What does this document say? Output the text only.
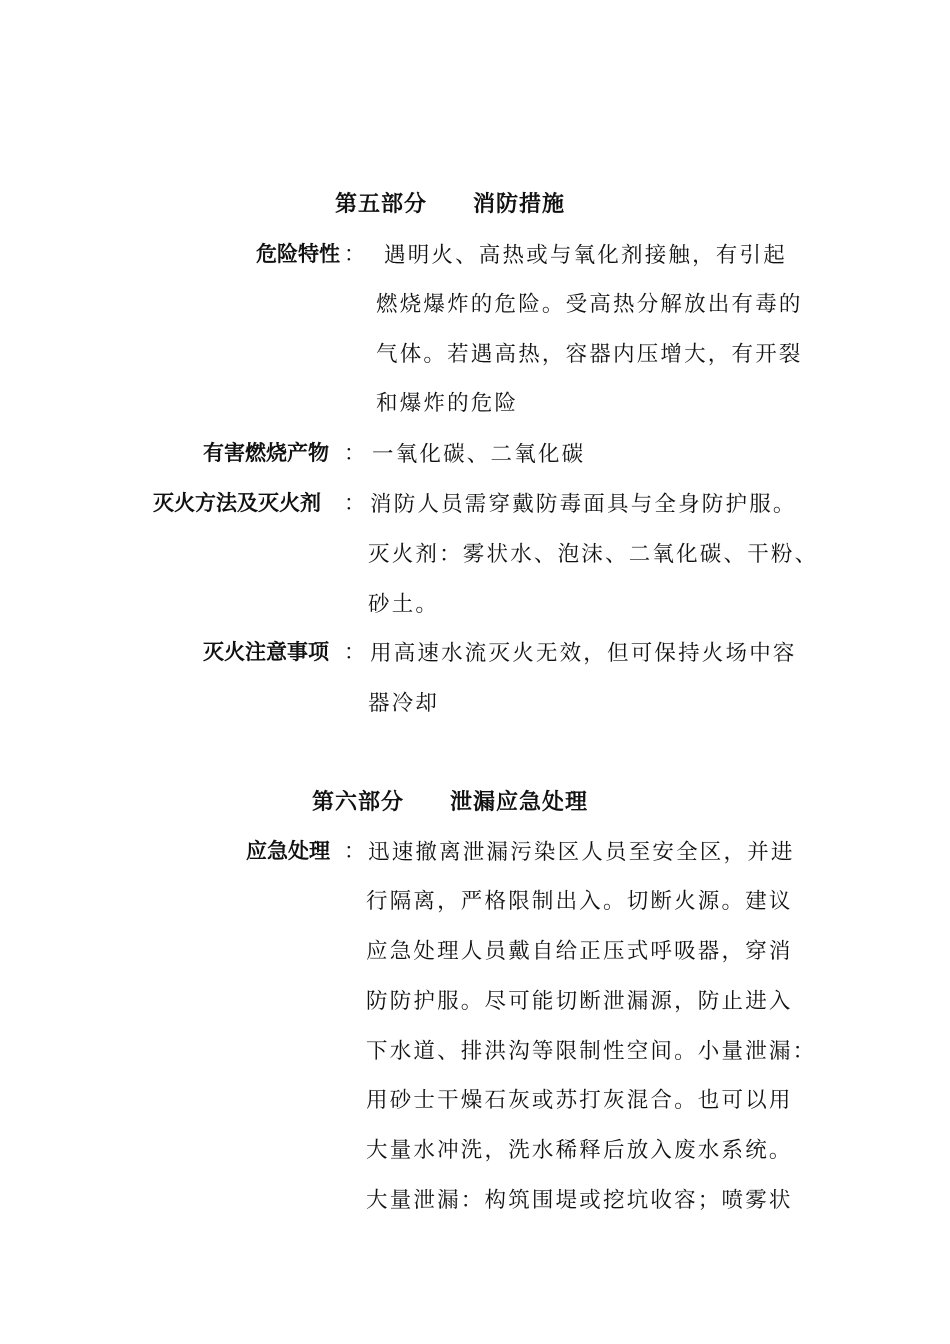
第五部分 消防措施
危险特性 ： 遇明火、高热或与氧化剂接触，有引起
燃烧爆炸的危险。受高热分解放出有毒的
气体。若遇高热，容器内压增大，有开裂
和爆炸的危险
有害燃烧产物 ： 一氧化碳、二氧化碳
灭火方法及灭火剂 ： 消防人员需穿戴防毒面具与全身防护服。
灭火剂：雾状水、泡沫、二氧化碳、干粉、
砂土。
灭火注意事项 ： 用高速水流灭火无效，但可保持火场中容
器冷却
第六部分 泄漏应急处理
应急处理 ： 迅速撤离泄漏污染区人员至安全区，并进
行隔离，严格限制出入。切断火源。建议
应急处理人员戴自给正压式呼吸器，穿消
防防护服。尽可能切断泄漏源，防止进入
下水道、排洪沟等限制性空间。小量泄漏：
用砂士干燥石灰或苏打灰混合。也可以用
大量水冲洗，洗水稀释后放入废水系统。
大量泄漏：构筑围堤或挖坑收容；喷雾状
